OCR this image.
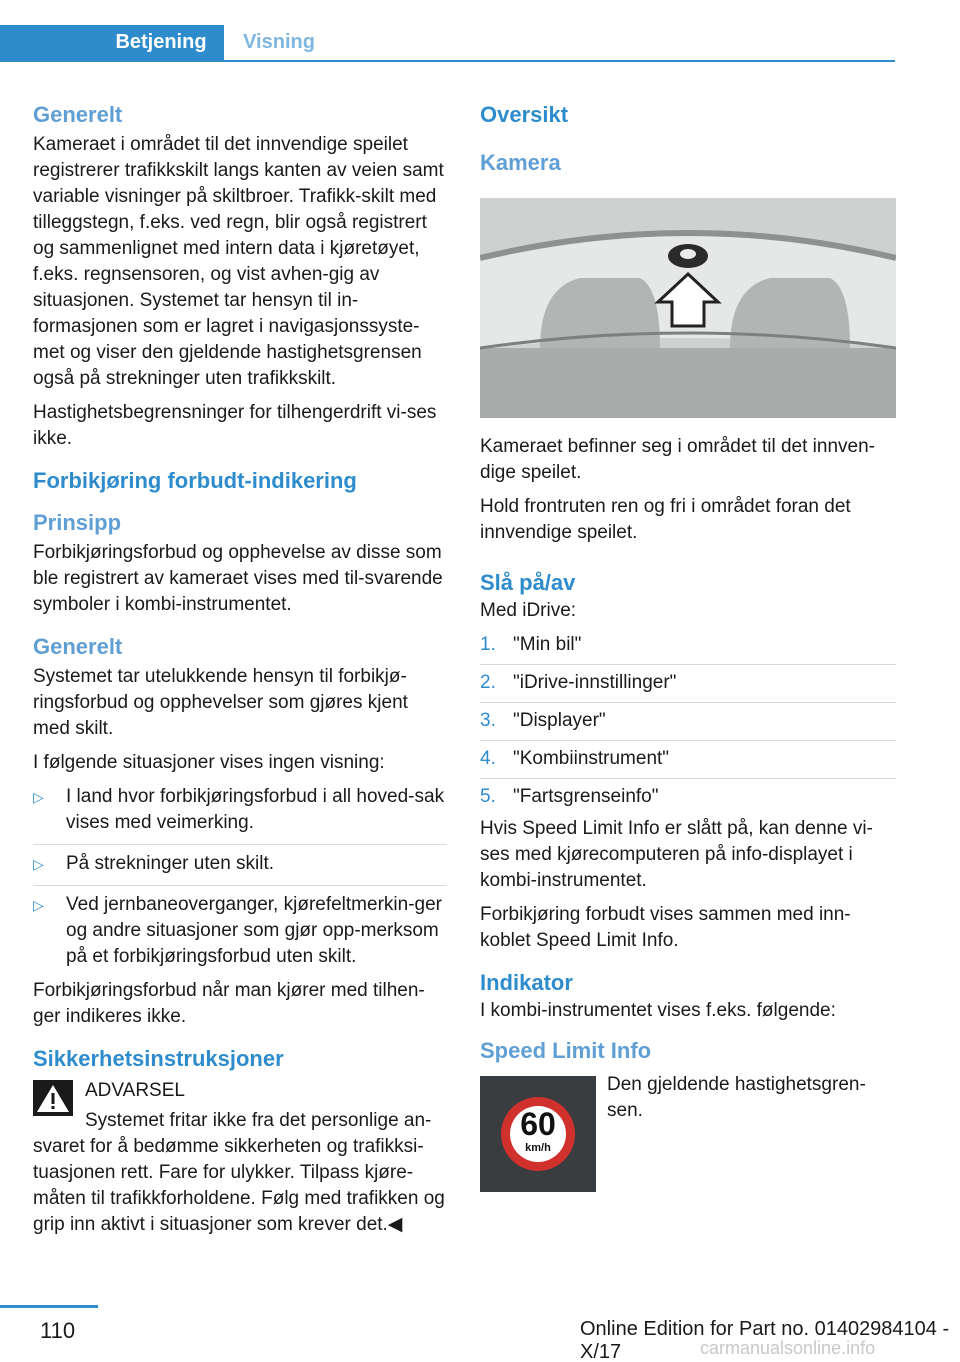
Betjening	Visning
Generelt

Kameraet i området til det innvendige speilet registrerer trafikkskilt langs kanten av veien samt variable visninger på skiltbroer. Trafikk-skilt med tilleggstegn, f.eks. ved regn, blir også registrert og sammenlignet med intern data i kjøretøyet, f.eks. regnsensoren, og vist avhen-gig av situasjonen. Systemet tar hensyn til in-formasjonen som er lagret i navigasjonssyste-met og viser den gjeldende hastighetsgrensen også på strekninger uten trafikkskilt.

Hastighetsbegrensninger for tilhengerdrift vi-ses ikke.

Forbikjøring forbudt-indikering
Prinsipp

Forbikjøringsforbud og opphevelse av disse som ble registrert av kameraet vises med til-svarende symboler i kombi-instrumentet.

Generelt

Systemet tar utelukkende hensyn til forbikjø-ringsforbud og opphevelser som gjøres kjent med skilt.

I følgende situasjoner vises ingen visning:

▷ I land hvor forbikjøringsforbud i all hoved-sak vises med veimerking.
▷ På strekninger uten skilt.
▷ Ved jernbaneoverganger, kjørefeltmerkin-ger og andre situasjoner som gjør opp-merksom på et forbikjøringsforbud uten skilt.

Forbikjøringsforbud når man kjører med tilhen-ger indikeres ikke.

Sikkerhetsinstruksjoner

ADVARSEL

Systemet fritar ikke fra det personlige an-svaret for å bedømme sikkerheten og trafikksi-tuasjonen rett. Fare for ulykker. Tilpass kjøre-måten til trafikkforholdene. Følg med trafikken og grip inn aktivt i situasjoner som krever det.◀

Oversikt
Kamera

Kameraet befinner seg i området til det innven-dige speilet.

Hold frontruten ren og fri i området foran det innvendige speilet.

Slå på/av

Med iDrive:

1. "Min bil"
2. "iDrive-innstillinger"
3. "Displayer"
4. "Kombiinstrument"
5. "Fartsgrenseinfo"

Hvis Speed Limit Info er slått på, kan denne vi-ses med kjørecomputeren på info-displayet i kombi-instrumentet.

Forbikjøring forbudt vises sammen med inn-koblet Speed Limit Info.

Indikator

I kombi-instrumentet vises f.eks. følgende:

Speed Limit Info
60
km/h

Den gjeldende hastighetsgren-sen.

110	Online Edition for Part no. 01402984104 - X/17	carmanualsonline.info
